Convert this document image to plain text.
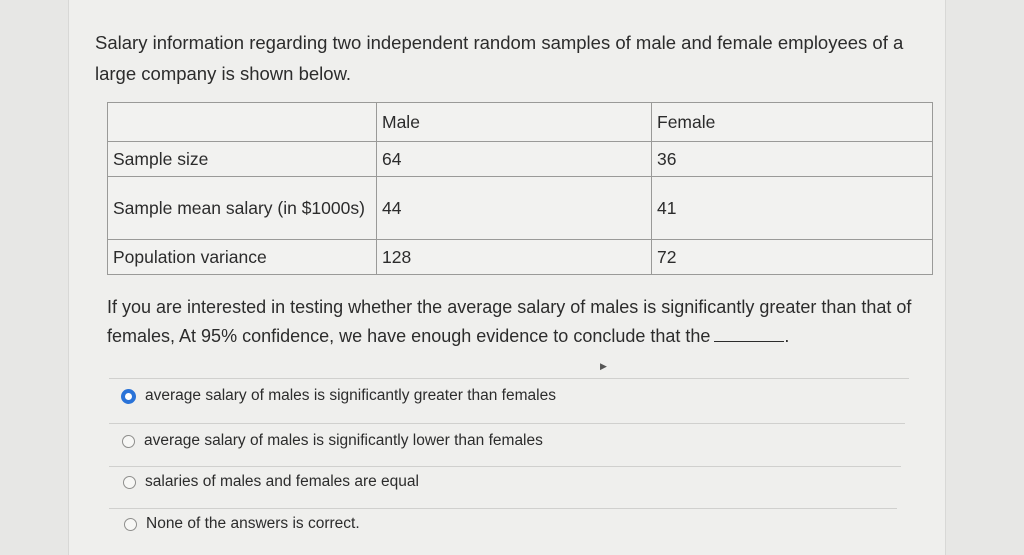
Salary information regarding two independent random samples of male and female employees of a large company is shown below.
	Male	Female
Sample size	64	36
Sample mean salary (in $1000s)	44	41
Population variance	128	72
If you are interested in testing whether the average salary of males is significantly greater than that of females, At 95% confidence, we have enough evidence to conclude that the	.
▶
average salary of males is significantly greater than females
average salary of males is significantly lower than females
salaries of males and females are equal
None of the answers is correct.
